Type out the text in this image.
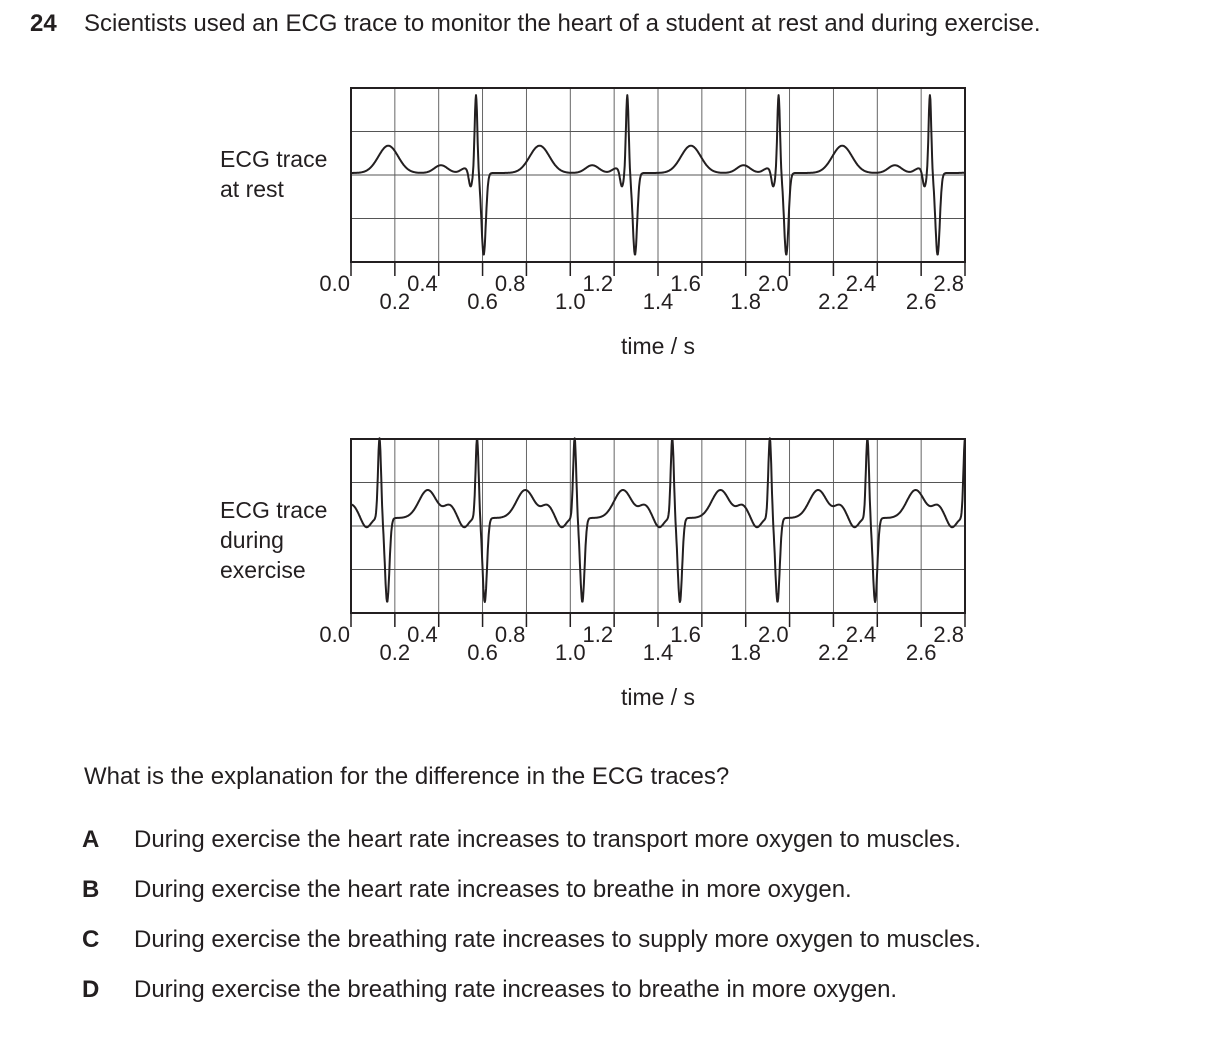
24 Scientists used an ECG trace to monitor the heart of a student at rest and during exercise.
ECG trace
at rest
0.0
0.2
0.4
0.6
0.8
1.0
1.2
1.4
1.6
1.8
2.0
2.2
2.4
2.6
2.8
time / s
ECG trace
during
exercise
0.0
0.2
0.4
0.6
0.8
1.0
1.2
1.4
1.6
1.8
2.0
2.2
2.4
2.6
2.8
time / s
What is the explanation for the difference in the ECG traces?
A During exercise the heart rate increases to transport more oxygen to muscles.
B During exercise the heart rate increases to breathe in more oxygen.
C During exercise the breathing rate increases to supply more oxygen to muscles.
D During exercise the breathing rate increases to breathe in more oxygen.
